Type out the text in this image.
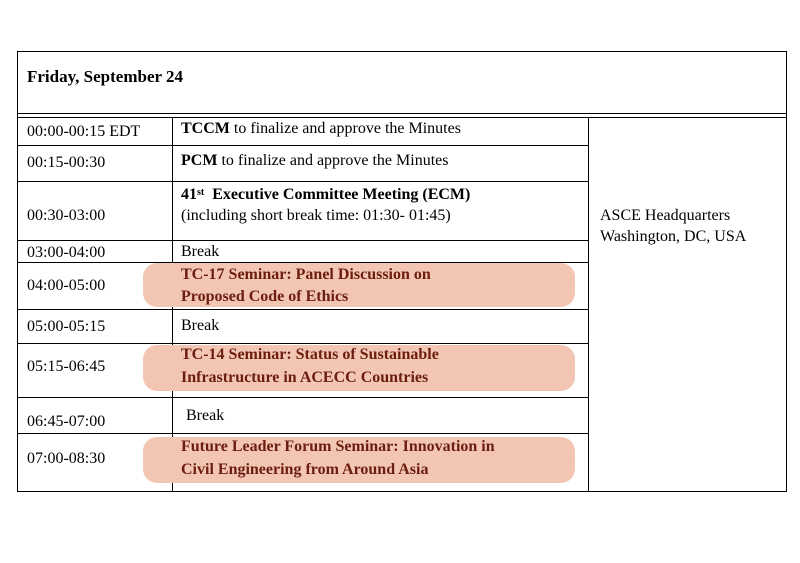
Friday, September 24
00:00-00:15 EDT
00:15-00:30
00:30-03:00
03:00-04:00
04:00-05:00
05:00-05:15
05:15-06:45
06:45-07:00
07:00-08:30
TCCM to finalize and approve the Minutes
PCM to finalize and approve the Minutes
41st  Executive Committee Meeting (ECM)
(including short break time: 01:30- 01:45)
Break
TC-17 Seminar: Panel Discussion on
Proposed Code of Ethics
Break
TC-14 Seminar: Status of Sustainable
Infrastructure in ACECC Countries
Break
Future Leader Forum Seminar: Innovation in
Civil Engineering from Around Asia
ASCE Headquarters
Washington, DC, USA
